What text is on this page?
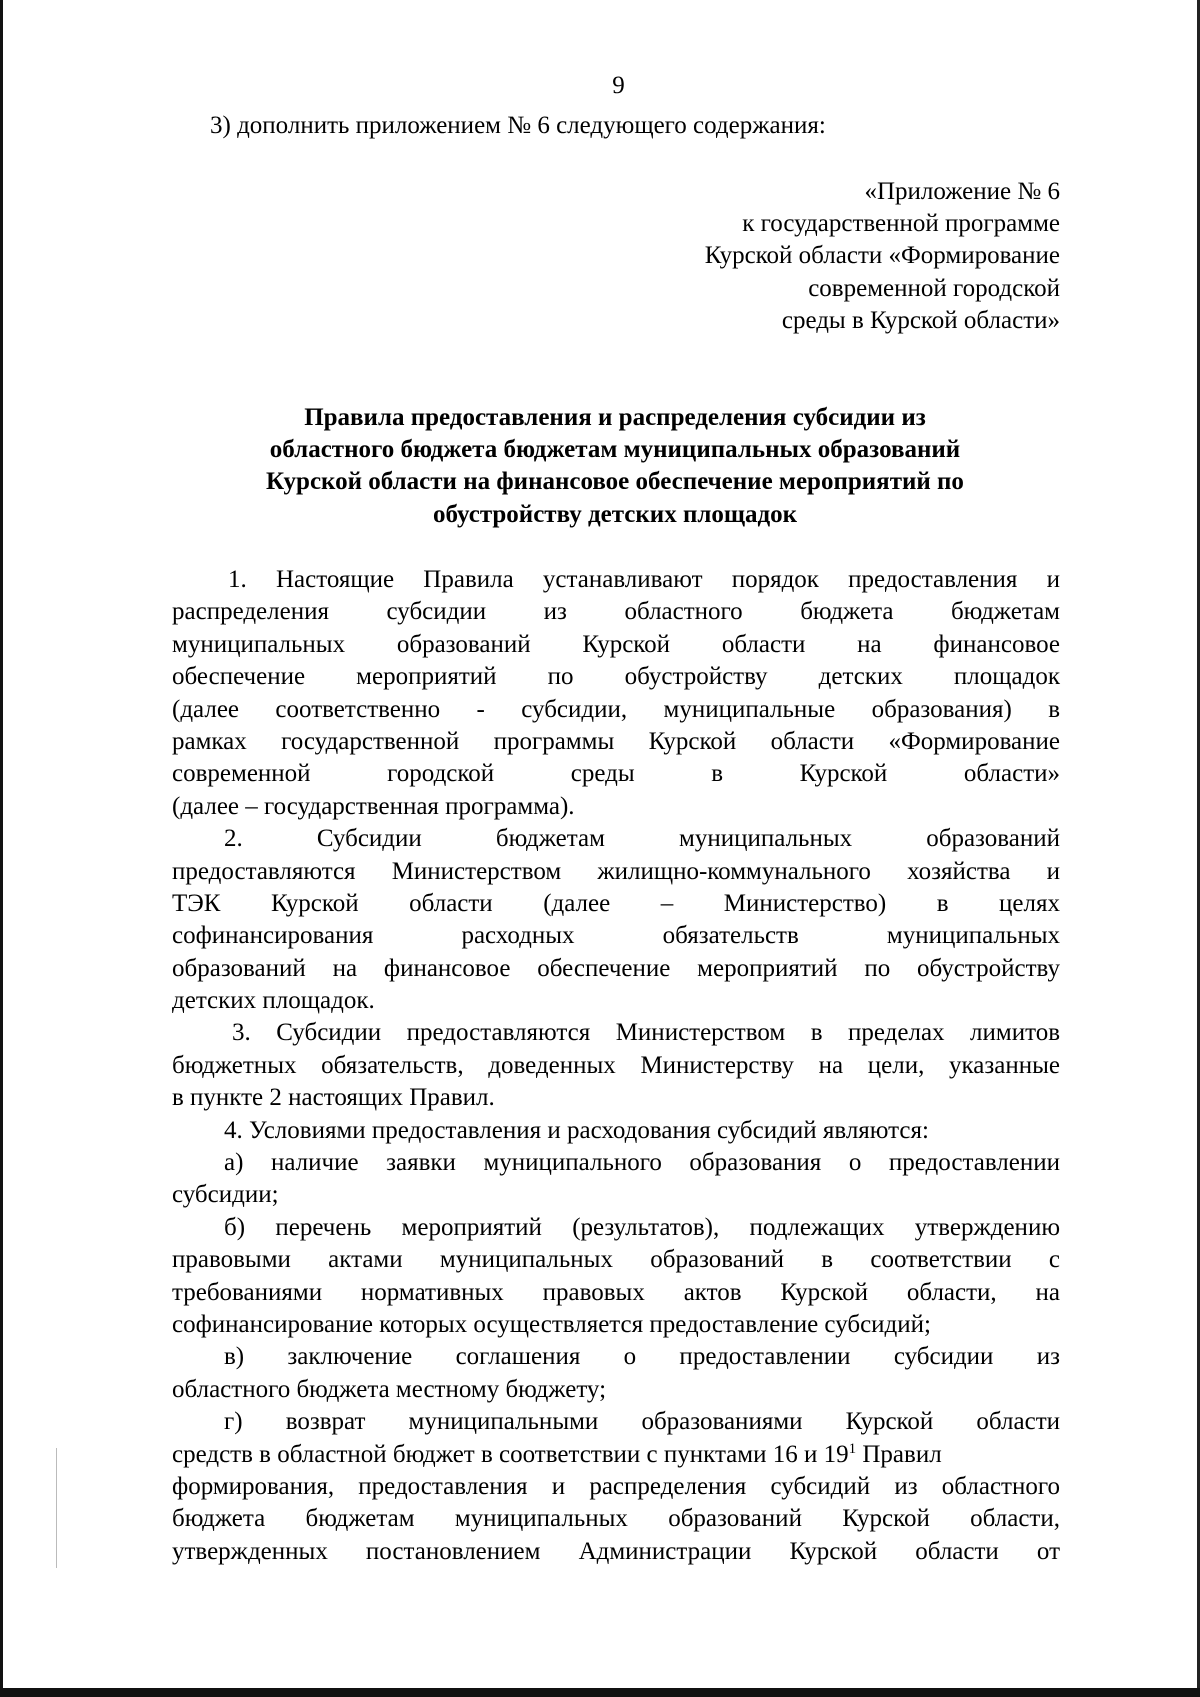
9
3) дополнить приложением № 6 следующего содержания:
«Приложение № 6
к государственной программе
Курской области «Формирование
современной городской
среды в Курской области»
Правила предоставления и распределения субсидии из
областного бюджета бюджетам муниципальных образований
Курской области на финансовое обеспечение мероприятий по
обустройству детских площадок
1. Настоящие Правила устанавливают порядок предоставления и
распределения субсидии из областного бюджета бюджетам
муниципальных образований Курской области на финансовое
обеспечение мероприятий по обустройству детских площадок
(далее соответственно - субсидии, муниципальные образования) в
рамках государственной программы Курской области «Формирование
современной городской среды в Курской области»
(далее – государственная программа).
2. Субсидии бюджетам муниципальных образований
предоставляются Министерством жилищно-коммунального хозяйства и
ТЭК Курской области (далее – Министерство) в целях
софинансирования расходных обязательств муниципальных
образований на финансовое обеспечение мероприятий по обустройству
детских площадок.
3. Субсидии предоставляются Министерством в пределах лимитов
бюджетных обязательств, доведенных Министерству на цели, указанные
в пункте 2 настоящих Правил.
4. Условиями предоставления и расходования субсидий являются:
а) наличие заявки муниципального образования о предоставлении
субсидии;
б) перечень мероприятий (результатов), подлежащих утверждению
правовыми актами муниципальных образований в соответствии с
требованиями нормативных правовых актов Курской области, на
софинансирование которых осуществляется предоставление субсидий;
в) заключение соглашения о предоставлении субсидии из
областного бюджета местному бюджету;
г) возврат муниципальными образованиями Курской области
средств в областной бюджет в соответствии с пунктами 16 и $19^1$ Правил
формирования, предоставления и распределения субсидий из областного
бюджета бюджетам муниципальных образований Курской области,
утвержденных постановлением Администрации Курской области от
